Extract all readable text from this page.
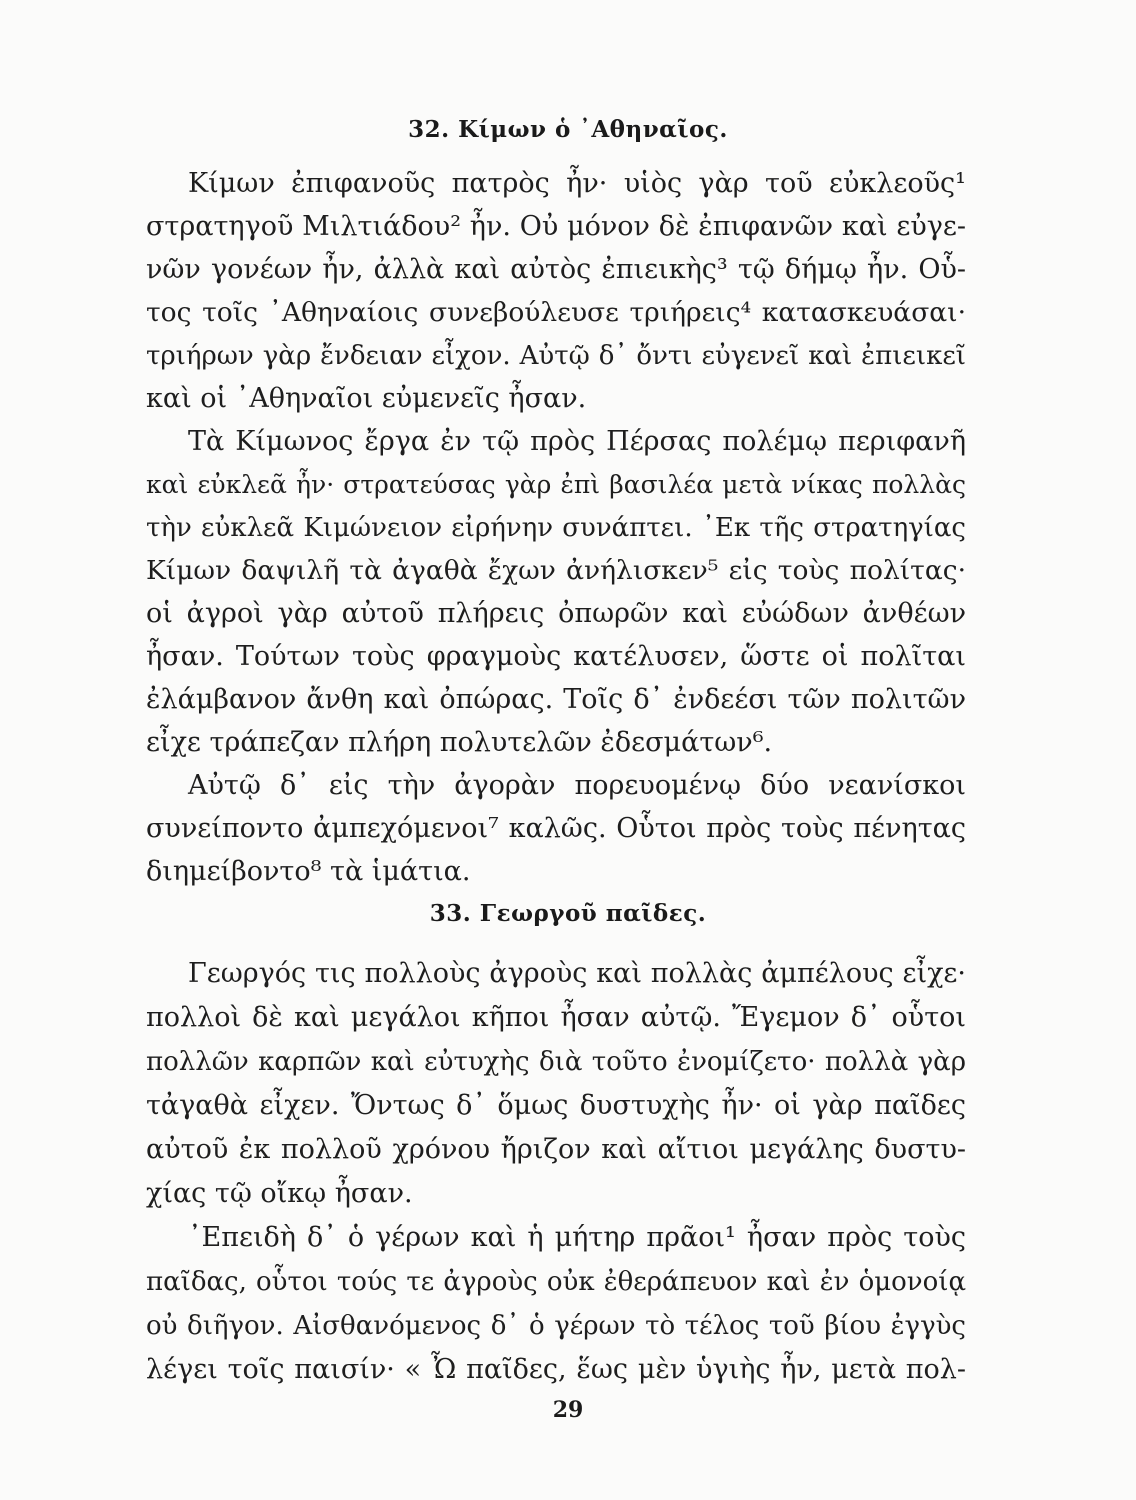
32. Κίμων ὁ ᾿Αθηναῖος.
Κίμων ἐπιφανοῦς πατρὸς ἦν· υἱὸς γὰρ τοῦ εὐκλεοῦς¹
στρατηγοῦ Μιλτιάδου² ἦν. Οὐ μόνον δὲ ἐπιφανῶν καὶ εὐγε-
νῶν γονέων ἦν, ἀλλὰ καὶ αὐτὸς ἐπιεικὴς³ τῷ δήμῳ ἦν. Οὗ-
τος τοῖς ᾿Αθηναίοις συνεβούλευσε τριήρεις⁴ κατασκευάσαι·
τριήρων γὰρ ἔνδειαν εἶχον. Αὐτῷ δ᾿ ὄντι εὐγενεῖ καὶ ἐπιεικεῖ
καὶ οἱ ᾿Αθηναῖοι εὐμενεῖς ἦσαν.
Τὰ Κίμωνος ἔργα ἐν τῷ πρὸς Πέρσας πολέμῳ περιφανῆ
καὶ εὐκλεᾶ ἦν· στρατεύσας γὰρ ἐπὶ βασιλέα μετὰ νίκας πολλὰς
τὴν εὐκλεᾶ Κιμώνειον εἰρήνην συνάπτει. ᾿Εκ τῆς στρατηγίας
Κίμων δαψιλῆ τὰ ἀγαθὰ ἔχων ἀνήλισκεν⁵ εἰς τοὺς πολίτας·
οἱ ἀγροὶ γὰρ αὐτοῦ πλήρεις ὀπωρῶν καὶ εὐώδων ἀνθέων
ἦσαν. Τούτων τοὺς φραγμοὺς κατέλυσεν, ὥστε οἱ πολῖται
ἐλάμβανον ἄνθη καὶ ὀπώρας. Τοῖς δ᾿ ἐνδεέσι τῶν πολιτῶν
εἶχε τράπεζαν πλήρη πολυτελῶν ἐδεσμάτων⁶.
Αὐτῷ δ᾿ εἰς τὴν ἀγορὰν πορευομένῳ δύο νεανίσκοι
συνείποντο ἀμπεχόμενοι⁷ καλῶς. Οὗτοι πρὸς τοὺς πένητας
διημείβοντο⁸ τὰ ἱμάτια.
33. Γεωργοῦ παῖδες.
Γεωργός τις πολλοὺς ἀγροὺς καὶ πολλὰς ἀμπέλους εἶχε·
πολλοὶ δὲ καὶ μεγάλοι κῆποι ἦσαν αὐτῷ. Ἔγεμον δ᾿ οὗτοι
πολλῶν καρπῶν καὶ εὐτυχὴς διὰ τοῦτο ἐνομίζετο· πολλὰ γὰρ
τἀγαθὰ εἶχεν. Ὄντως δ᾿ ὅμως δυστυχὴς ἦν· οἱ γὰρ παῖδες
αὐτοῦ ἐκ πολλοῦ χρόνου ἤριζον καὶ αἴτιοι μεγάλης δυστυ-
χίας τῷ οἴκῳ ἦσαν.
᾿Επειδὴ δ᾿ ὁ γέρων καὶ ἡ μήτηρ πρᾶοι¹ ἦσαν πρὸς τοὺς
παῖδας, οὗτοι τούς τε ἀγροὺς οὐκ ἐθεράπευον καὶ ἐν ὁμονοίᾳ
οὐ διῆγον. Αἰσθανόμενος δ᾿ ὁ γέρων τὸ τέλος τοῦ βίου ἐγγὺς
λέγει τοῖς παισίν· « Ὦ παῖδες, ἕως μὲν ὑγιὴς ἦν, μετὰ πολ-
29
